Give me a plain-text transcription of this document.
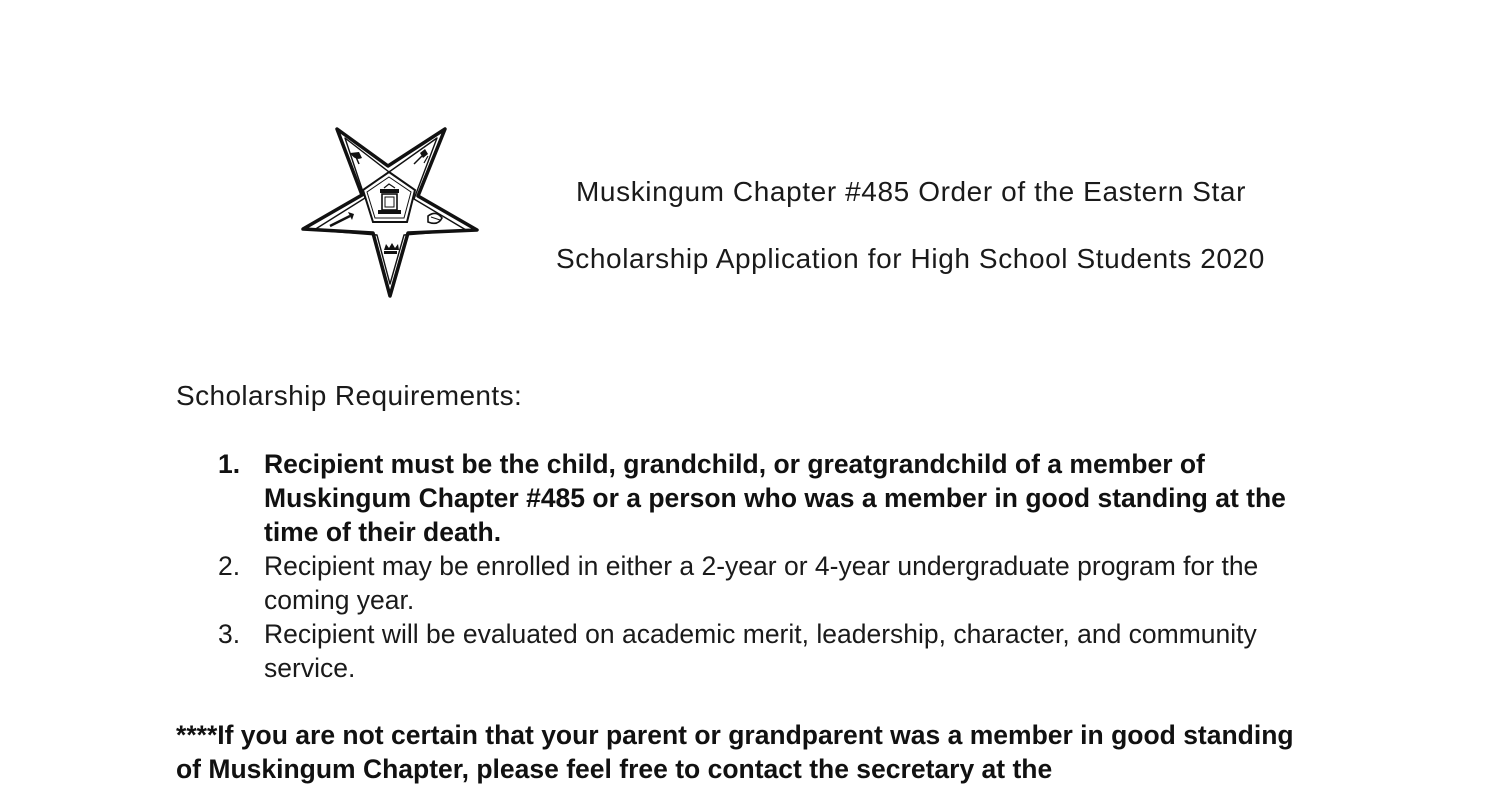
Muskingum Chapter #485 Order of the Eastern Star
Scholarship Application for High School Students 2020
Scholarship Requirements:
1. Recipient must be the child, grandchild, or greatgrandchild of a member of Muskingum Chapter #485 or a person who was a member in good standing at the time of their death.
2. Recipient may be enrolled in either a 2-year or 4-year undergraduate program for the coming year.
3. Recipient will be evaluated on academic merit, leadership, character, and community service.
****If you are not certain that your parent or grandparent was a member in good standing of Muskingum Chapter, please feel free to contact the secretary at the
